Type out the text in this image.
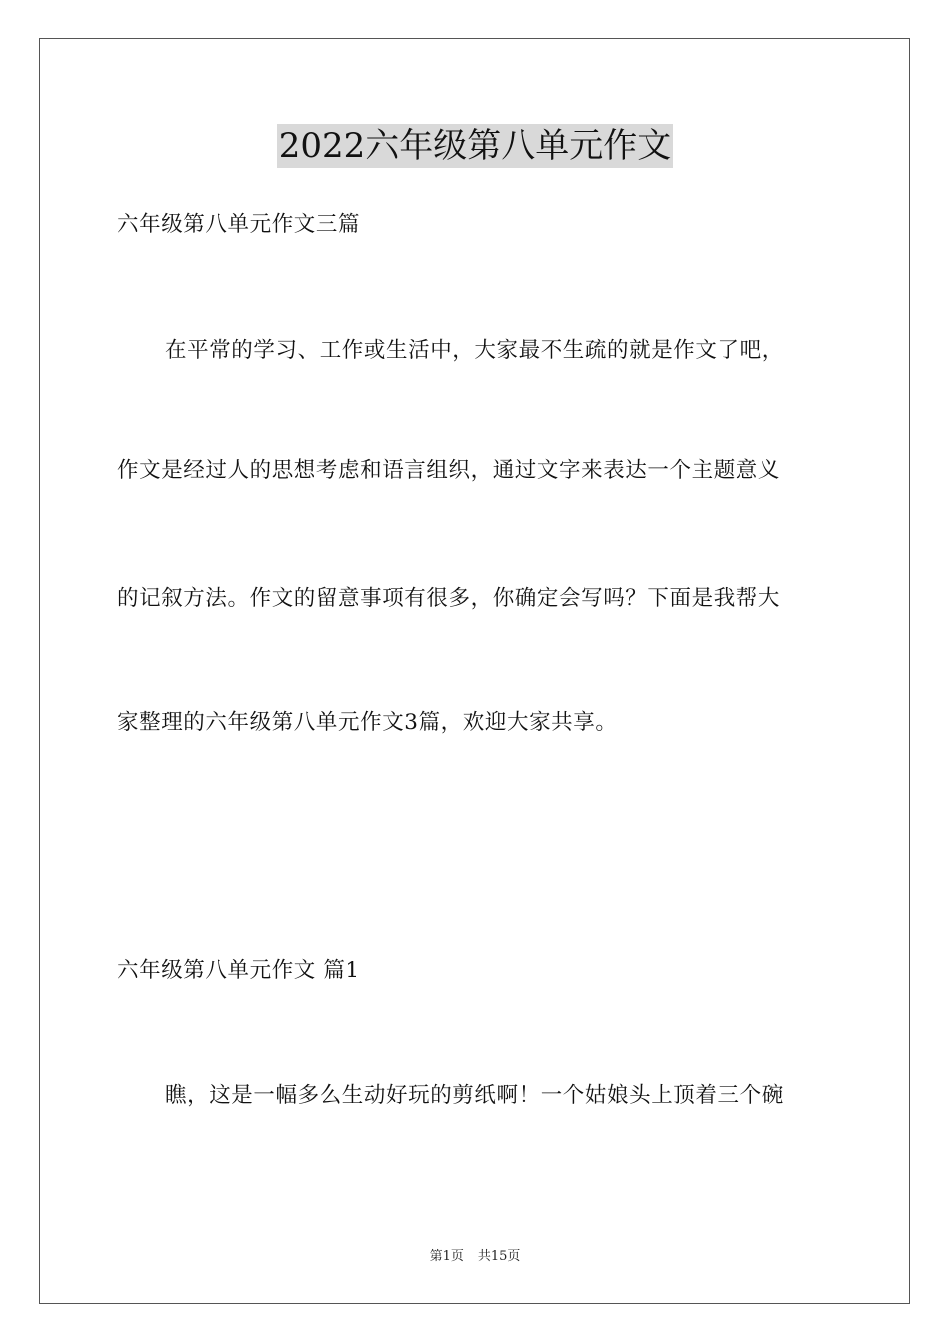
2022六年级第八单元作文
六年级第八单元作文三篇
在平常的学习、工作或生活中，大家最不生疏的就是作文了吧，
作文是经过人的思想考虑和语言组织，通过文字来表达一个主题意义
的记叙方法。作文的留意事项有很多，你确定会写吗？下面是我帮大
家整理的六年级第八单元作文3篇，欢迎大家共享。
六年级第八单元作文 篇1
瞧，这是一幅多么生动好玩的剪纸啊！一个姑娘头上顶着三个碗
第1页 共15页
